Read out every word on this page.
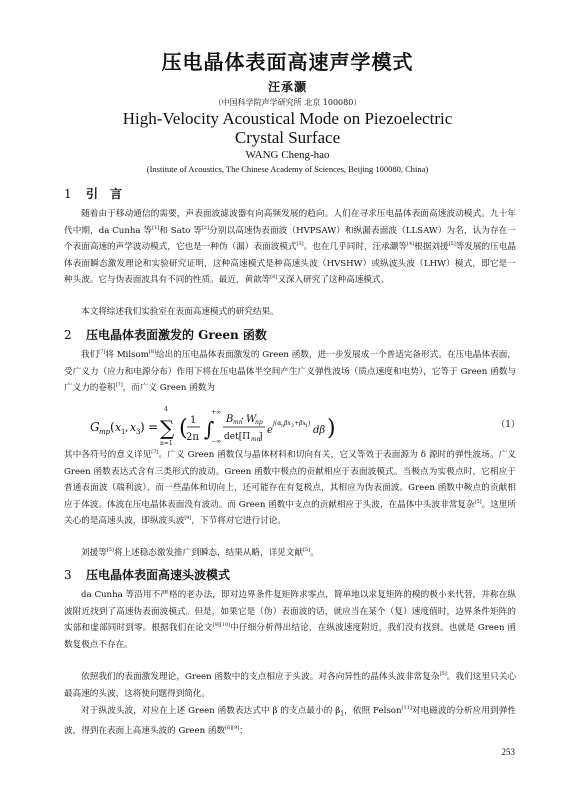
压电晶体表面高速声学模式
汪承灏
（中国科学院声学研究所 北京 100080）
High-Velocity Acoustical Mode on Piezoelectric
Crystal Surface
WANG Cheng-hao
(Institute of Acoustics, The Chinese Academy of Sciences, Beijing 100080, China)
1 引　言
随着由于移动通信的需要，声表面波滤波器有向高频发展的趋向。人们在寻求压电晶体表面高速波动模式。九十年代中期，da Cunha 等[1]和 Sato 等[2]分别以高速伪表面波（HVPSAW）和纵漏表面波（LLSAW）为名，认为存在一个表面高速的声学波动模式，它也是一种伪（漏）表面波模式[3]。也在几乎同时，汪承灏等[4]根据刘援[5]等发展的压电晶体表面瞬态激发理论和实验研究证明，这种高速模式是种高速头波（HVSHW）或纵波头波（LHW）模式，即它是一种头波。它与伪表面波具有不同的性质。最近，黄歆等[6]又深入研究了这种高速模式。
本文将综述我们实验室在表面高速模式的研究结果。
2 压电晶体表面激发的 Green 函数
我们[7]将 Milsom[8]给出的压电晶体表面激发的 Green 函数，进一步发展成一个普适完备形式。在压电晶体表面，受广义力（应力和电源分布）作用下将在压电晶体半空间产生广义弹性波场（质点速度和电势），它等于 Green 函数与广义力的卷积[7]，而广义 Green 函数为
G mp ( x 1 , x 3 ) =
4
∑
n=1
( 1
2π ∫
+∞
−∞
B mn
· W
np
det[Π mn
]
e
j(α n βx 3 +βx 1 )
dβ )	（1）
其中各符号的意义详见[7]。广义 Green 函数仅与晶体材料和切向有关，它又等效于表面源为 δ 源时的弹性波场。广义 Green 函数表达式含有三类形式的波动。Green 函数中极点的贡献相应于表面波模式。当极点为实极点时，它相应于普通表面波（瑞利波），而一些晶体和切向上，还可能存在有复极点，其相应为伪表面波。Green 函数中鞍点的贡献相应于体波。体波在压电晶体表面没有波动。而 Green 函数中支点的贡献相应于头波，在晶体中头波非常复杂[5]。这里所关心的是高速头波，即纵波头波[9]，下节将对它进行讨论。
刘援等[5]将上述稳态激发推广到瞬态，结果从略，详见文献[5]。
3 压电晶体表面高速头波模式
da Cunha 等沿用不严格的老办法，即对边界条件复矩阵求零点，简单地以求复矩阵的模的极小来代替，并称在纵波附近找到了高速伪表面波模式。但是，如果它是（伪）表面波的话，就应当在某个（复）速度值时，边界条件矩阵的实部和虚部同时到零。根据我们在论文[9][10]中仔细分析得出结论，在纵波速度附近，我们没有找到。也就是 Green 函数复极点不存在。
依照我们的表面激发理论，Green 函数中的支点相应于头波。对各向异性的晶体头波非常复杂[5]。我们这里只关心最高速的头波，这将使问题得到简化。
对于纵波头波，对应在上述 Green 函数表达式中 β 的支点最小的 $\beta_1$，依照 Felson[11]对电磁波的分析应用到弹性波，得到在表面上高速头波的 Green 函数[6][9]：
253
